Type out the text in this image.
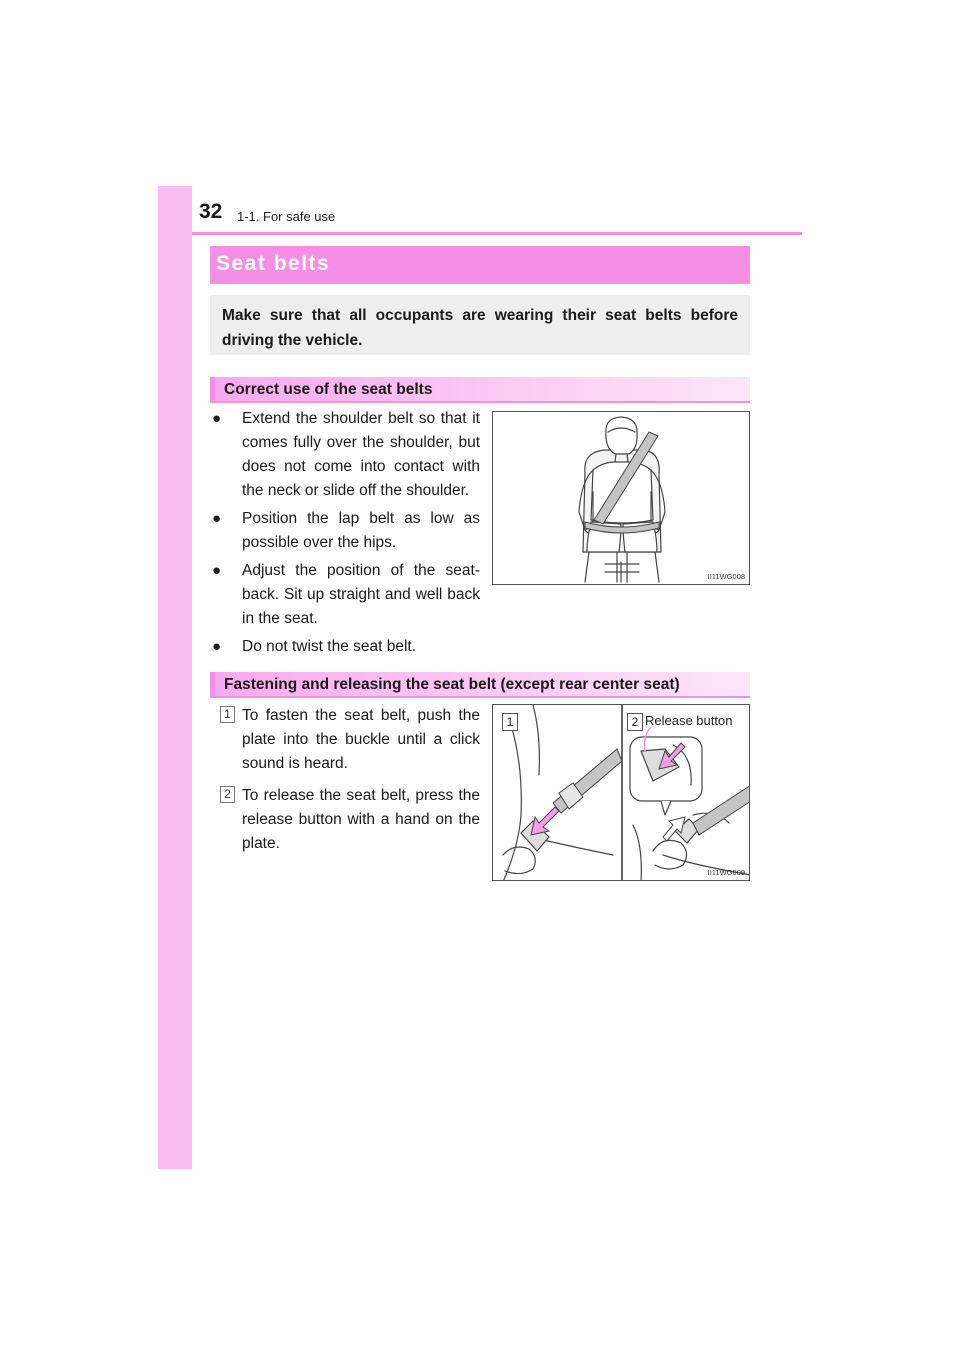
32 1-1. For safe use
Seat belts
Make sure that all occupants are wearing their seat belts before driving the vehicle.
Correct use of the seat belts
● Extend the shoulder belt so that it comes fully over the shoulder, but does not come into contact with the neck or slide off the shoulder.
● Position the lap belt as low as possible over the hips.
● Adjust the position of the seat-back. Sit up straight and well back in the seat.
● Do not twist the seat belt.
II11WG008
Fastening and releasing the seat belt (except rear center seat)
1 To fasten the seat belt, push the plate into the buckle until a click sound is heard.
2 To release the seat belt, press the release button with a hand on the plate.
1	2 Release button
II11WG009
